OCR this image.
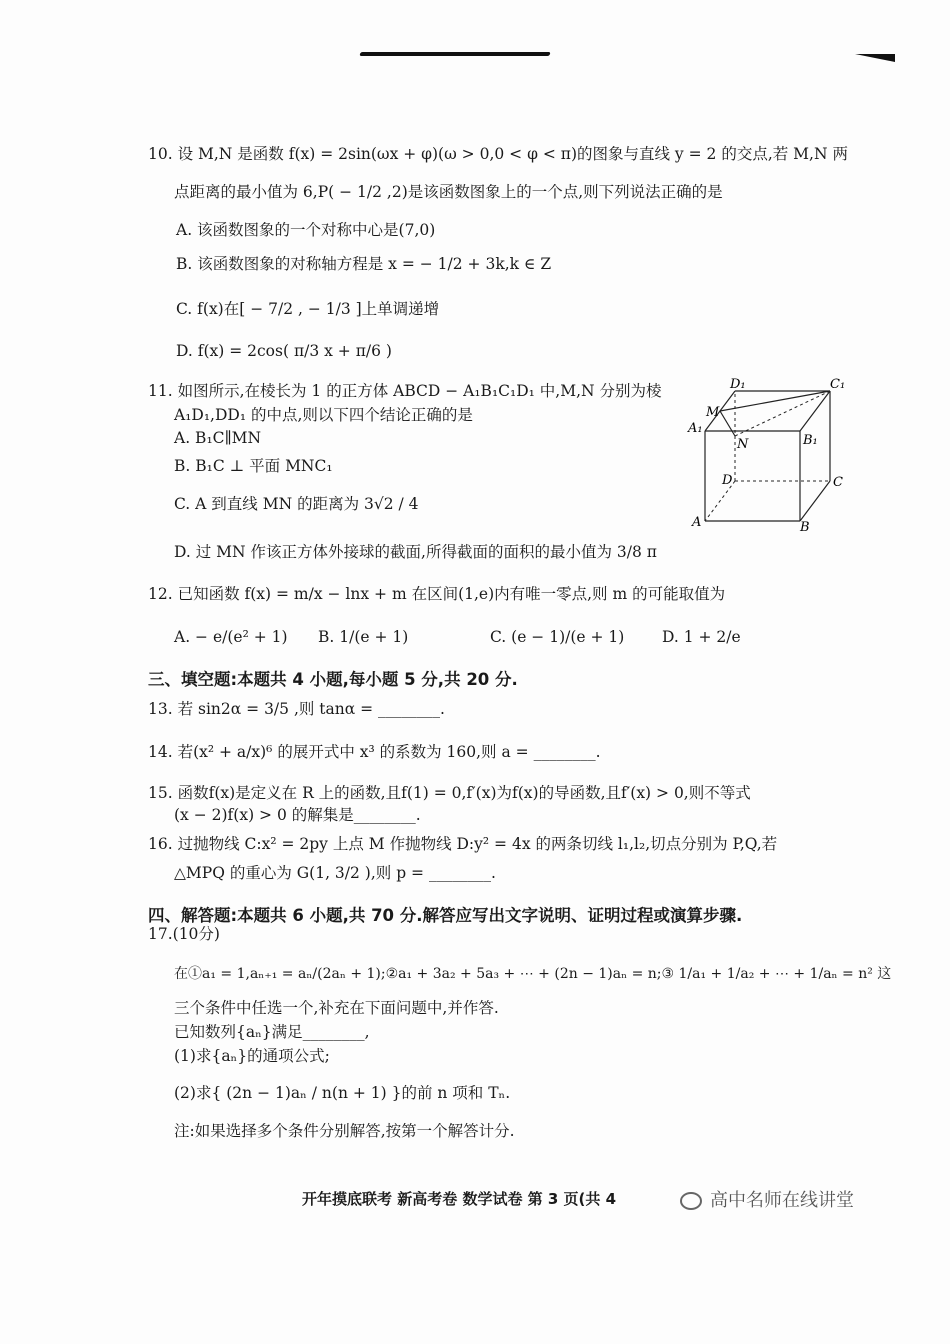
10. 设 M,N 是函数 f(x) = 2sin(ωx + φ)(ω > 0,0 < φ < π)的图象与直线 y = 2 的交点,若 M,N 两
点距离的最小值为 6,P( − 1/2 ,2)是该函数图象上的一个点,则下列说法正确的是
A. 该函数图象的一个对称中心是(7,0)
B. 该函数图象的对称轴方程是 x = − 1/2 + 3k,k ∈ Z
C. f(x)在[ − 7/2 , − 1/3 ]上单调递增
D. f(x) = 2cos( π/3 x + π/6 )
11. 如图所示,在棱长为 1 的正方体 ABCD − A₁B₁C₁D₁ 中,M,N 分别为棱
A₁D₁,DD₁ 的中点,则以下四个结论正确的是
A. B₁C∥MN
B. B₁C ⊥ 平面 MNC₁
C. A 到直线 MN 的距离为 3√2 / 4
D. 过 MN 作该正方体外接球的截面,所得截面的面积的最小值为 3/8 π
D₁	C₁
M
A₁
N	B₁
C
D
A	B
12. 已知函数 f(x) = m/x − lnx + m 在区间(1,e)内有唯一零点,则 m 的可能取值为
A. − e/(e² + 1) B. 1/(e + 1)	C. (e − 1)/(e + 1) D. 1 + 2/e
三、填空题:本题共 4 小题,每小题 5 分,共 20 分.
13. 若 sin2α = 3/5 ,则 tanα = ________.
14. 若(x² + a/x)⁶ 的展开式中 x³ 的系数为 160,则 a = ________.
15. 函数f(x)是定义在 R 上的函数,且f(1) = 0,f′(x)为f(x)的导函数,且f′(x) > 0,则不等式
(x − 2)f(x) > 0 的解集是________.
16. 过抛物线 C:x² = 2py 上点 M 作抛物线 D:y² = 4x 的两条切线 l₁,l₂,切点分别为 P,Q,若
△MPQ 的重心为 G(1, 3/2 ),则 p = ________.
四、解答题:本题共 6 小题,共 70 分.解答应写出文字说明、证明过程或演算步骤.
17.(10分)
在①a₁ = 1,aₙ₊₁ = aₙ/(2aₙ + 1);②a₁ + 3a₂ + 5a₃ + ⋯ + (2n − 1)aₙ = n;③ 1/a₁ + 1/a₂ + ⋯ + 1/aₙ = n² 这
三个条件中任选一个,补充在下面问题中,并作答.
已知数列{aₙ}满足________,
(1)求{aₙ}的通项公式;
(2)求{ (2n − 1)aₙ / n(n + 1) }的前 n 项和 Tₙ.
注:如果选择多个条件分别解答,按第一个解答计分.
开年摸底联考 新高考卷 数学试卷 第 3 页(共 4	高中名师在线讲堂
